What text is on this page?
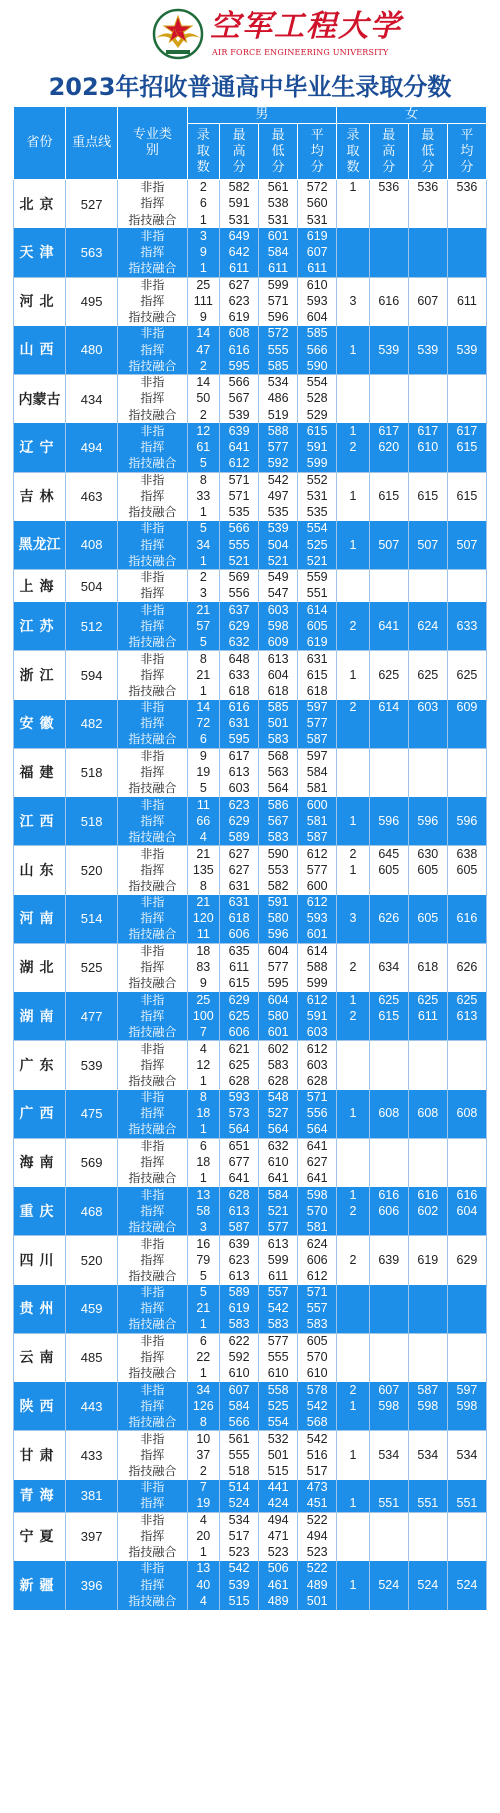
八一 空军工程大学
AIR FORCE ENGINEERING UNIVERSITY
2023年招收普通高中毕业生录取分数
省份	重点线	专业类别	男				女			
			录取数	最高分	最低分	平均分	录取数	最高分	最低分	平均分
北京	527	非指	2	582	561	572	1	536	536	536
		指挥	6	591	538	560				
		指技融合	1	531	531	531				
天津	563	非指	3	649	601	619				
		指挥	9	642	584	607				
		指技融合	1	611	611	611				
河北	495	非指	25	627	599	610				
		指挥	111	623	571	593	3	616	607	611
		指技融合	9	619	596	604				
山西	480	非指	14	608	572	585				
		指挥	47	616	555	566	1	539	539	539
		指技融合	2	595	585	590				
内蒙古	434	非指	14	566	534	554				
		指挥	50	567	486	528				
		指技融合	2	539	519	529				
辽宁	494	非指	12	639	588	615	1	617	617	617
		指挥	61	641	577	591	2	620	610	615
		指技融合	5	612	592	599				
吉林	463	非指	8	571	542	552				
		指挥	33	571	497	531	1	615	615	615
		指技融合	1	535	535	535				
黑龙江	408	非指	5	566	539	554				
		指挥	34	555	504	525	1	507	507	507
		指技融合	1	521	521	521				
上海	504	非指	2	569	549	559				
		指挥	3	556	547	551				
江苏	512	非指	21	637	603	614				
		指挥	57	629	598	605	2	641	624	633
		指技融合	5	632	609	619				
浙江	594	非指	8	648	613	631				
		指挥	21	633	604	615	1	625	625	625
		指技融合	1	618	618	618				
安徽	482	非指	14	616	585	597	2	614	603	609
		指挥	72	631	501	577				
		指技融合	6	595	583	587				
福建	518	非指	9	617	568	597				
		指挥	19	613	563	584				
		指技融合	5	603	564	581				
江西	518	非指	11	623	586	600				
		指挥	66	629	567	581	1	596	596	596
		指技融合	4	589	583	587				
山东	520	非指	21	627	590	612	2	645	630	638
		指挥	135	627	553	577	1	605	605	605
		指技融合	8	631	582	600				
河南	514	非指	21	631	591	612				
		指挥	120	618	580	593	3	626	605	616
		指技融合	11	606	596	601				
湖北	525	非指	18	635	604	614				
		指挥	83	611	577	588	2	634	618	626
		指技融合	9	615	595	599				
湖南	477	非指	25	629	604	612	1	625	625	625
		指挥	100	625	580	591	2	615	611	613
		指技融合	7	606	601	603				
广东	539	非指	4	621	602	612				
		指挥	12	625	583	603				
		指技融合	1	628	628	628				
广西	475	非指	8	593	548	571				
		指挥	18	573	527	556	1	608	608	608
		指技融合	1	564	564	564				
海南	569	非指	6	651	632	641				
		指挥	18	677	610	627				
		指技融合	1	641	641	641				
重庆	468	非指	13	628	584	598	1	616	616	616
		指挥	58	613	521	570	2	606	602	604
		指技融合	3	587	577	581				
四川	520	非指	16	639	613	624				
		指挥	79	623	599	606	2	639	619	629
		指技融合	5	613	611	612				
贵州	459	非指	5	589	557	571				
		指挥	21	619	542	557				
		指技融合	1	583	583	583				
云南	485	非指	6	622	577	605				
		指挥	22	592	555	570				
		指技融合	1	610	610	610				
陕西	443	非指	34	607	558	578	2	607	587	597
		指挥	126	584	525	542	1	598	598	598
		指技融合	8	566	554	568				
甘肃	433	非指	10	561	532	542				
		指挥	37	555	501	516	1	534	534	534
		指技融合	2	518	515	517				
青海	381	非指	7	514	441	473				
		指挥	19	524	424	451	1	551	551	551
宁夏	397	非指	4	534	494	522				
		指挥	20	517	471	494				
		指技融合	1	523	523	523				
新疆	396	非指	13	542	506	522				
		指挥	40	539	461	489	1	524	524	524
		指技融合	4	515	489	501				
